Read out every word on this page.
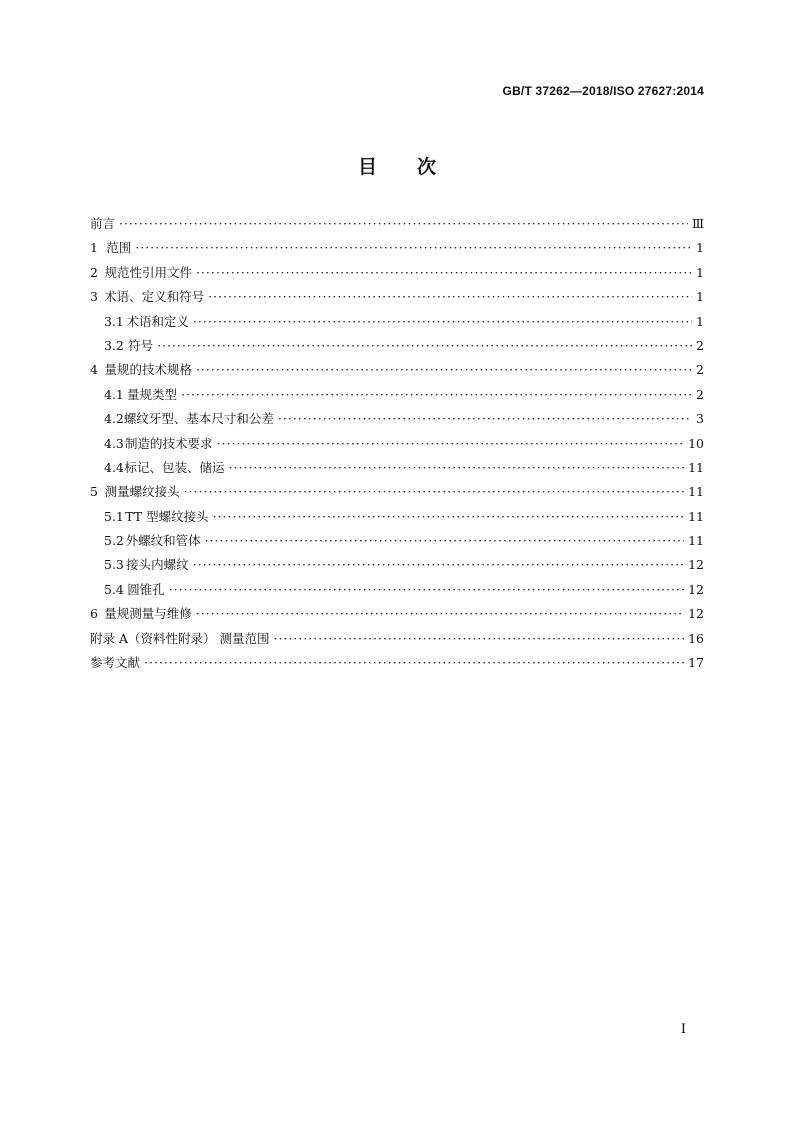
GB/T 37262—2018/ISO 27627:2014
目次
前言 ·····	Ⅲ
1 范围 ·····	1
2 规范性引用文件 ·····	1
3 术语、定义和符号 ·····	1
3.1 术语和定义 ·····	1
3.2 符号 ·····	2
4 量规的技术规格 ·····	2
4.1 量规类型 ·····	2
4.2 螺纹牙型、基本尺寸和公差 ·····	3
4.3 制造的技术要求 ·····	10
4.4 标记、包装、储运 ·····	11
5 测量螺纹接头 ·····	11
5.1 TT 型螺纹接头 ·····	11
5.2 外螺纹和管体 ·····	11
5.3 接头内螺纹 ·····	12
5.4 圆锥孔 ·····	12
6 量规测量与维修 ·····	12
附录 A（资料性附录） 测量范围 ·····	16
参考文献 ·····	17
I
